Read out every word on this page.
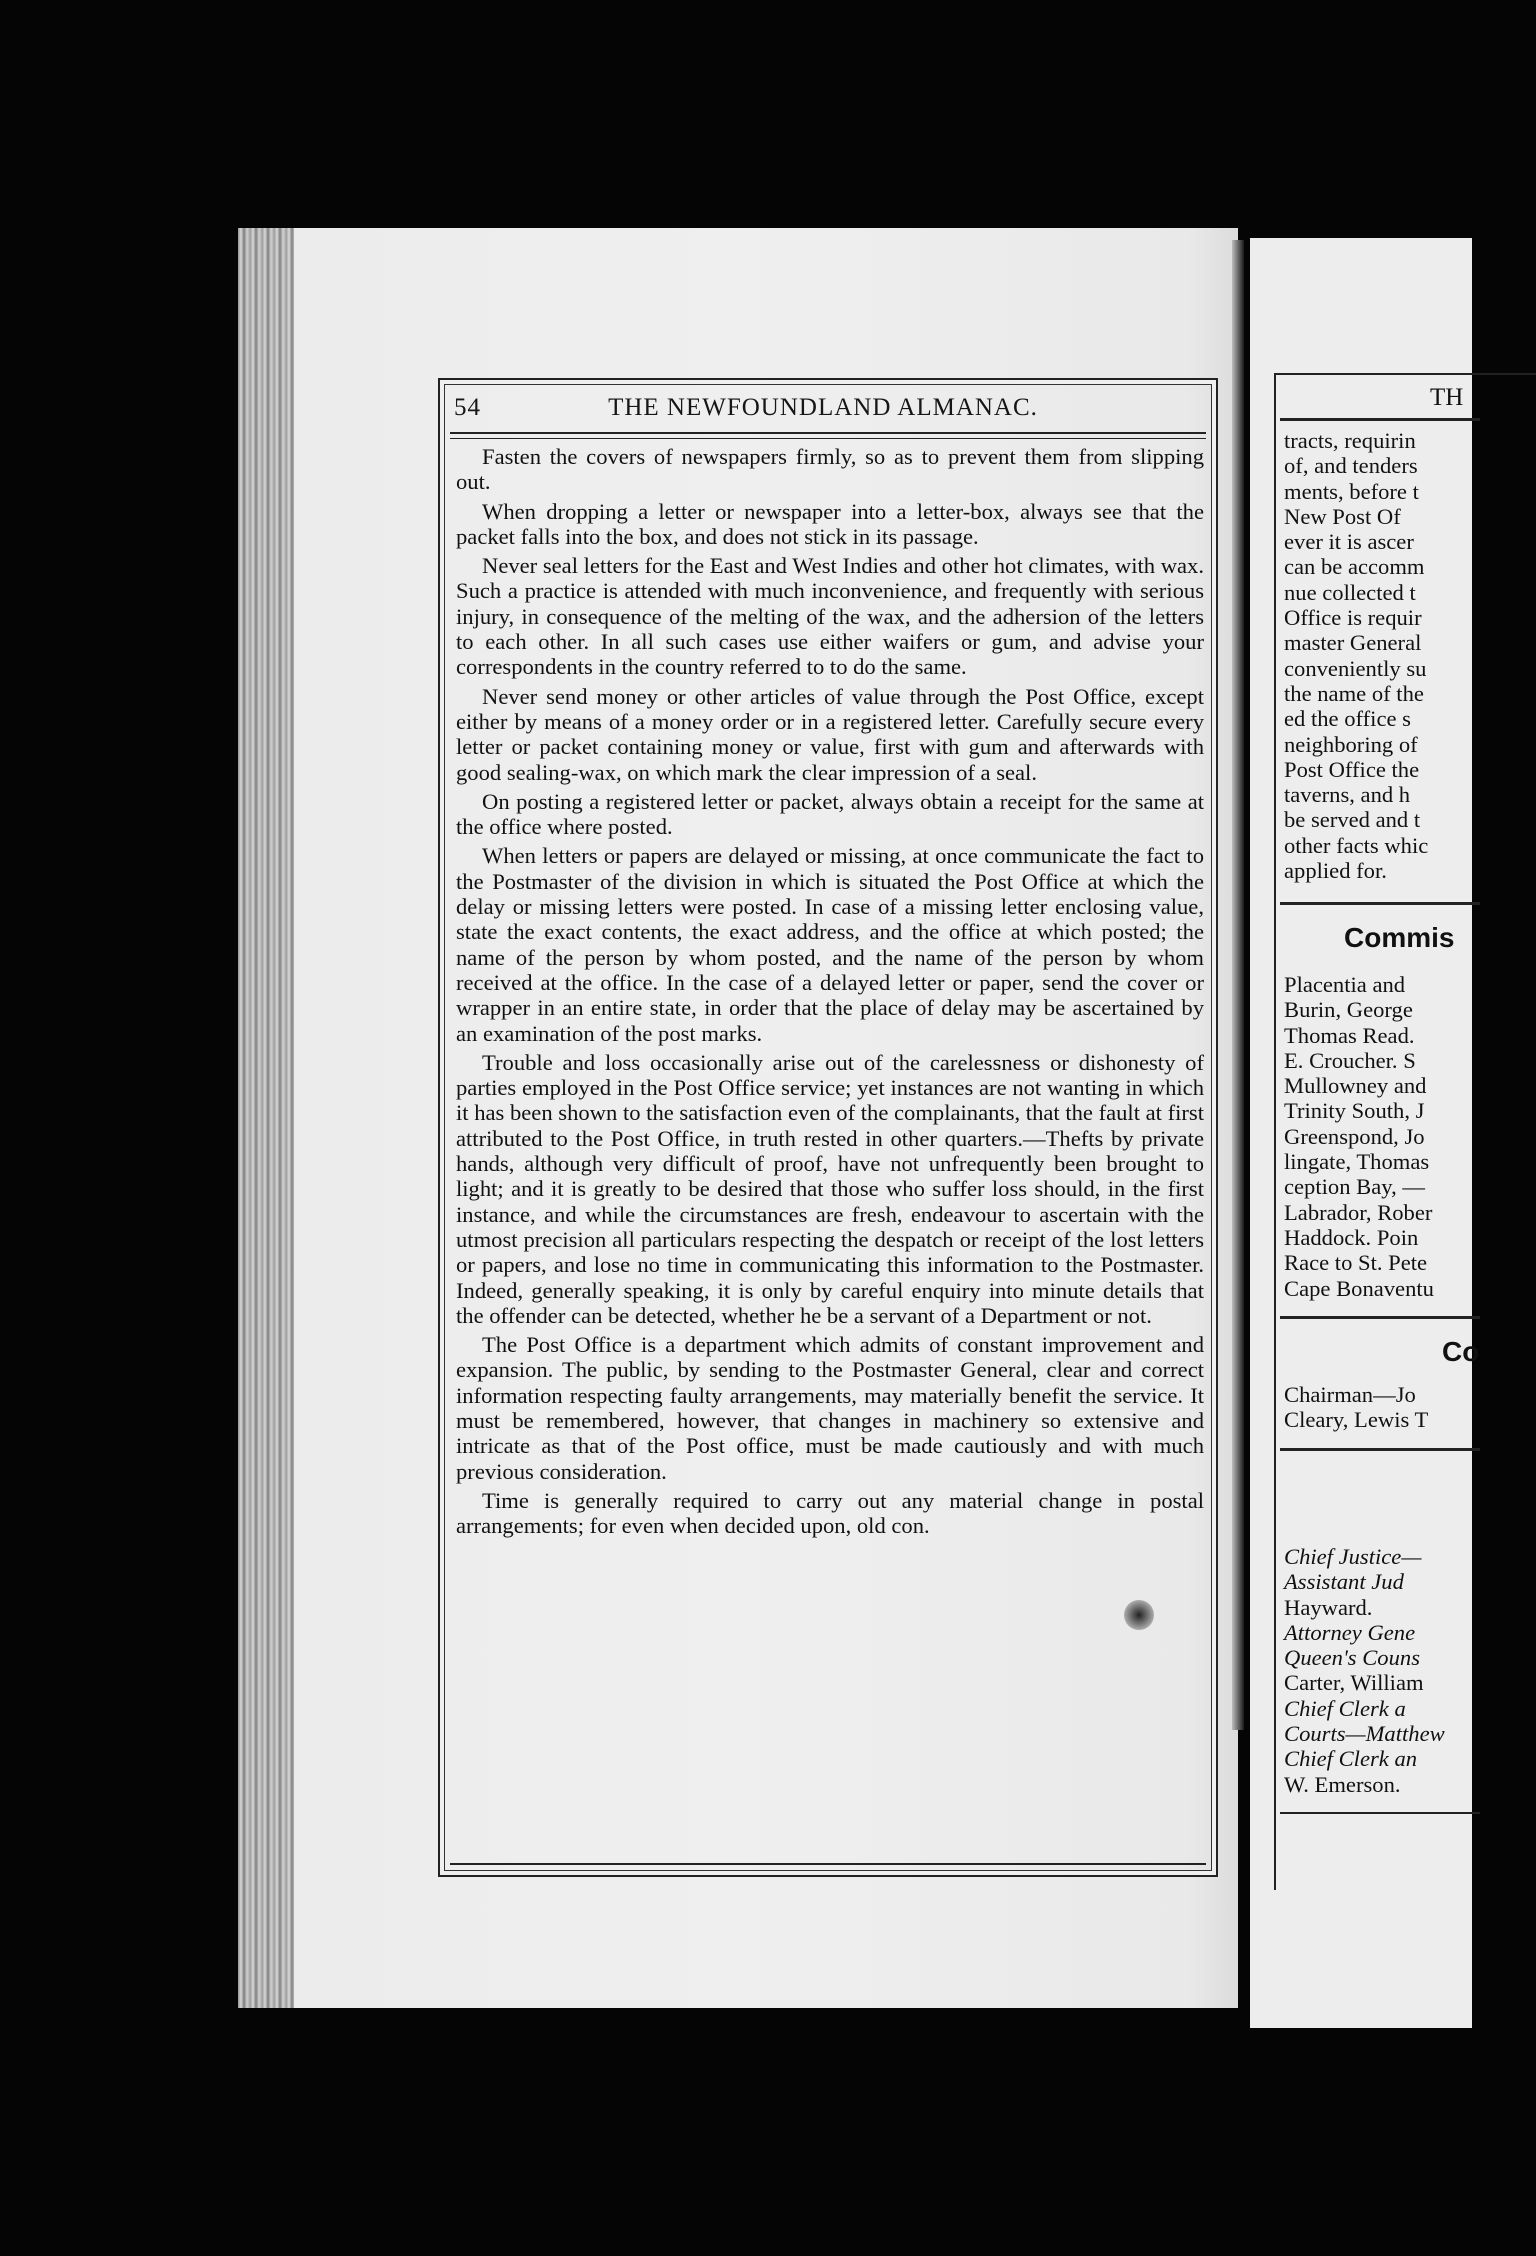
54	THE NEWFOUNDLAND ALMANAC.

Fasten the covers of newspapers firmly, so as to prevent them from slipping out.

When dropping a letter or newspaper into a letter-box, always see that the packet falls into the box, and does not stick in its passage.

Never seal letters for the East and West Indies and other hot climates, with wax. Such a practice is attended with much inconvenience, and frequently with serious injury, in consequence of the melting of the wax, and the adhersion of the letters to each other. In all such cases use either waifers or gum, and advise your correspondents in the country referred to to do the same.

Never send money or other articles of value through the Post Office, except either by means of a money order or in a registered letter. Carefully secure every letter or packet containing money or value, first with gum and afterwards with good sealing-wax, on which mark the clear impression of a seal.

On posting a registered letter or packet, always obtain a receipt for the same at the office where posted.

When letters or papers are delayed or missing, at once communicate the fact to the Postmaster of the division in which is situated the Post Office at which the delay or missing letters were posted. In case of a missing letter enclosing value, state the exact contents, the exact address, and the office at which posted; the name of the person by whom posted, and the name of the person by whom received at the office. In the case of a delayed letter or paper, send the cover or wrapper in an entire state, in order that the place of delay may be ascertained by an examination of the post marks.

Trouble and loss occasionally arise out of the carelessness or dishonesty of parties employed in the Post Office service; yet instances are not wanting in which it has been shown to the satisfaction even of the complainants, that the fault at first attributed to the Post Office, in truth rested in other quarters.—Thefts by private hands, although very difficult of proof, have not unfrequently been brought to light; and it is greatly to be desired that those who suffer loss should, in the first instance, and while the circumstances are fresh, endeavour to ascertain with the utmost precision all particulars respecting the despatch or receipt of the lost letters or papers, and lose no time in communicating this information to the Postmaster. Indeed, generally speaking, it is only by careful enquiry into minute details that the offender can be detected, whether he be a servant of a Department or not.

The Post Office is a department which admits of constant improvement and expansion. The public, by sending to the Postmaster General, clear and correct information respecting faulty arrangements, may materially benefit the service. It must be remembered, however, that changes in machinery so extensive and intricate as that of the Post office, must be made cautiously and with much previous consideration.

Time is generally required to carry out any material change in postal arrangements; for even when decided upon, old con.

TH
tracts, requirin
of, and tenders
ments, before t
New Post Of
ever it is ascer
can be accomm
nue collected t
Office is requir
master General
conveniently su
the name of the
ed the office s
neighboring of
Post Office the
taverns, and h
be served and t
other facts whic
applied for.
Commis
Placentia and
Burin, George
Thomas Read.
E. Croucher. S
Mullowney and
Trinity South, J
Greenspond, Jo
lingate, Thomas
ception Bay, —
Labrador, Rober
Haddock. Poin
Race to St. Pete
Cape Bonaventu
Co
Chairman—Jo
Cleary, Lewis T
Chief Justice—
Assistant Jud
Hayward.
Attorney Gene
Queen's Couns
Carter, William
Chief Clerk a
Courts—Matthew
Chief Clerk an
W. Emerson.
